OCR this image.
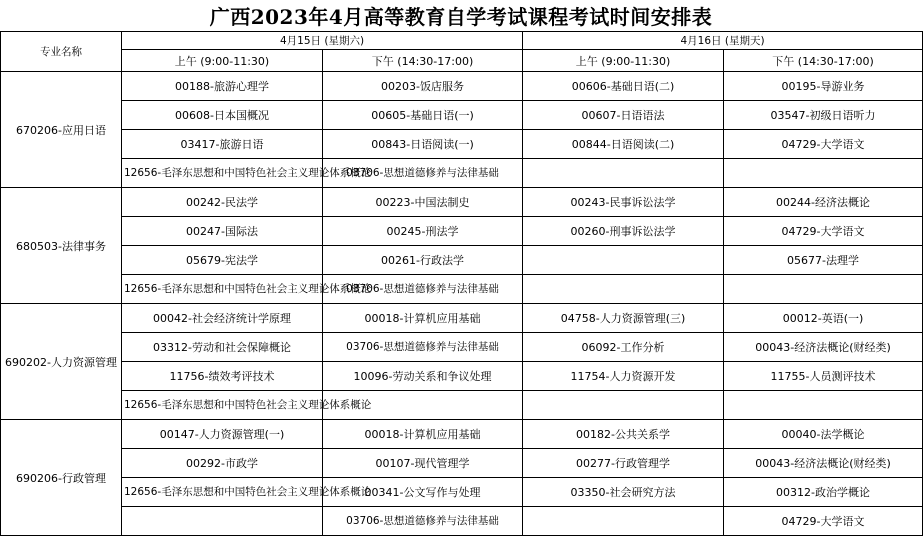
广西2023年4月高等教育自学考试课程考试时间安排表
专业名称	4月15日 (星期六)		4月16日 (星期天)	
	上午 (9:00-11:30)	下午 (14:30-17:00)	上午 (9:00-11:30)	下午 (14:30-17:00)
670206-应用日语	00188-旅游心理学	00203-饭店服务	00606-基础日语(二)	00195-导游业务
	00608-日本国概况	00605-基础日语(一)	00607-日语语法	03547-初级日语听力
	03417-旅游日语	00843-日语阅读(一)	00844-日语阅读(二)	04729-大学语文
	12656-毛泽东思想和中国特色社会主义理论体系概论	03706-思想道德修养与法律基础		
680503-法律事务	00242-民法学	00223-中国法制史	00243-民事诉讼法学	00244-经济法概论
	00247-国际法	00245-刑法学	00260-刑事诉讼法学	04729-大学语文
	05679-宪法学	00261-行政法学		05677-法理学
	12656-毛泽东思想和中国特色社会主义理论体系概论	03706-思想道德修养与法律基础		
690202-人力资源管理	00042-社会经济统计学原理	00018-计算机应用基础	04758-人力资源管理(三)	00012-英语(一)
	03312-劳动和社会保障概论	03706-思想道德修养与法律基础	06092-工作分析	00043-经济法概论(财经类)
	11756-绩效考评技术	10096-劳动关系和争议处理	11754-人力资源开发	11755-人员测评技术
	12656-毛泽东思想和中国特色社会主义理论体系概论			
690206-行政管理	00147-人力资源管理(一)	00018-计算机应用基础	00182-公共关系学	00040-法学概论
	00292-市政学	00107-现代管理学	00277-行政管理学	00043-经济法概论(财经类)
	12656-毛泽东思想和中国特色社会主义理论体系概论	00341-公文写作与处理	03350-社会研究方法	00312-政治学概论
		03706-思想道德修养与法律基础		04729-大学语文
